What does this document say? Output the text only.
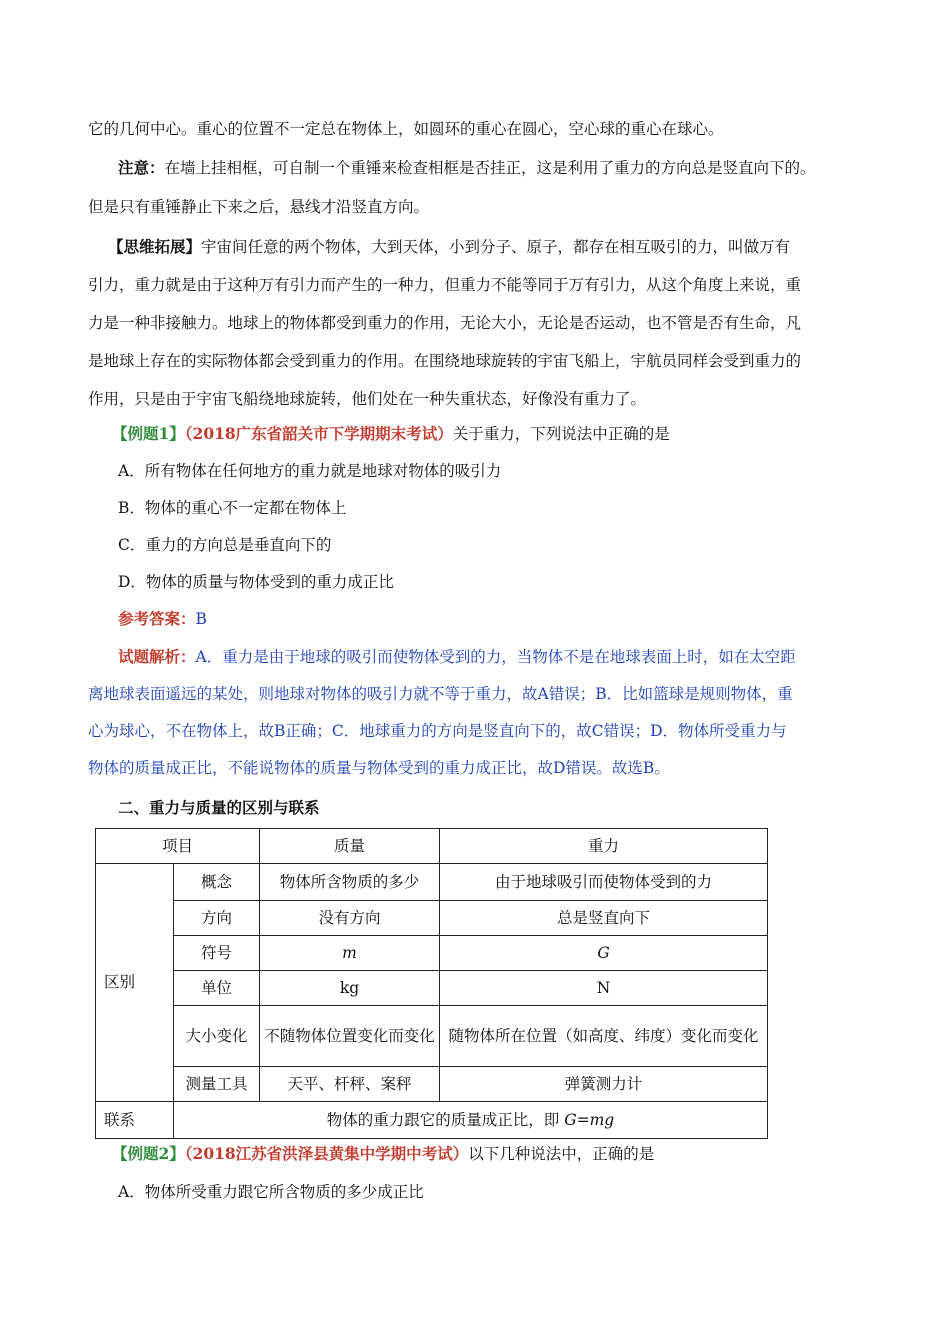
它的几何中心。重心的位置不一定总在物体上，如圆环的重心在圆心，空心球的重心在球心。
注意：在墙上挂相框，可自制一个重锤来检查相框是否挂正，这是利用了重力的方向总是竖直向下的。
但是只有重锤静止下来之后，悬线才沿竖直方向。
【思维拓展】宇宙间任意的两个物体，大到天体，小到分子、原子，都存在相互吸引的力，叫做万有
引力，重力就是由于这种万有引力而产生的一种力，但重力不能等同于万有引力，从这个角度上来说，重
力是一种非接触力。地球上的物体都受到重力的作用，无论大小，无论是否运动，也不管是否有生命，凡
是地球上存在的实际物体都会受到重力的作用。在围绕地球旋转的宇宙飞船上，宇航员同样会受到重力的
作用，只是由于宇宙飞船绕地球旋转，他们处在一种失重状态，好像没有重力了。
【例题1】（2018广东省韶关市下学期期末考试）关于重力，下列说法中正确的是
A．所有物体在任何地方的重力就是地球对物体的吸引力
B．物体的重心不一定都在物体上
C．重力的方向总是垂直向下的
D．物体的质量与物体受到的重力成正比
参考答案：B
试题解析：A．重力是由于地球的吸引而使物体受到的力，当物体不是在地球表面上时，如在太空距
离地球表面遥远的某处，则地球对物体的吸引力就不等于重力，故A错误；B．比如篮球是规则物体，重
心为球心，不在物体上，故B正确；C．地球重力的方向是竖直向下的，故C错误；D．物体所受重力与
物体的质量成正比，不能说物体的质量与物体受到的重力成正比，故D错误。故选B。
二、重力与质量的区别与联系
项目		质量	重力
区别	概念	物体所含物质的多少	由于地球吸引而使物体受到的力
	方向	没有方向	总是竖直向下
	符号	m	G
	单位	kg	N
	大小变化	不随物体位置变化而变化	随物体所在位置（如高度、纬度）变化而变化
	测量工具	天平、杆秤、案秤	弹簧测力计
联系	物体的重力跟它的质量成正比，即 G=mg		
【例题2】（2018江苏省洪泽县黄集中学期中考试）以下几种说法中，正确的是
A．物体所受重力跟它所含物质的多少成正比
